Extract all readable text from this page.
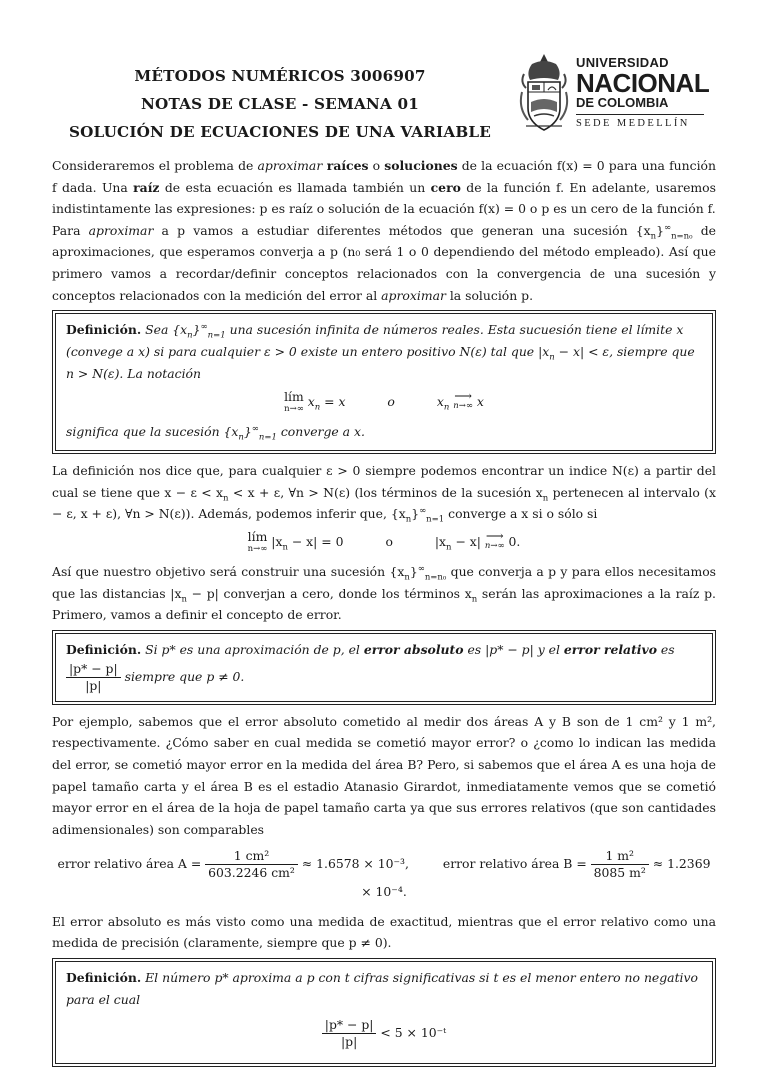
MÉTODOS NUMÉRICOS 3006907
NOTAS DE CLASE - SEMANA 01
SOLUCIÓN DE ECUACIONES DE UNA VARIABLE
UNIVERSIDAD
NACIONAL
DE COLOMBIA
SEDE MEDELLÍN

Consideraremos el problema de aproximar raíces o soluciones de la ecuación f(x) = 0 para una función f dada. Una raíz de esta ecuación es llamada también un cero de la función f. En adelante, usaremos indistintamente las expresiones: p es raíz o solución de la ecuación f(x) = 0 o p es un cero de la función f.

Para aproximar a p vamos a estudiar diferentes métodos que generan una sucesión $\{x_n\}^\infty_{n=n_0}$ de aproximaciones, que esperamos converja a p (n₀ será 1 o 0 dependiendo del método empleado). Así que primero vamos a recordar/definir conceptos relacionados con la convergencia de una sucesión y conceptos relacionados con la medición del error al aproximar la solución p.

Definición. Sea $\{x_n\}^\infty_{n=1}$ una sucesión infinita de números reales. Esta sucuesión tiene el límite x (convege a x) si para cualquier ε > 0 existe un entero positivo N(ε) tal que $|x_n - x| < \varepsilon$, siempre que n > N(ε). La notación
lím
n→∞ $x_n = x$	o	$x_n$ ⟶
n→∞ x
significa que la sucesión $\{x_n\}^\infty_{n=1}$ converge a x.

La definición nos dice que, para cualquier ε > 0 siempre podemos encontrar un indice N(ε) a partir del cual se tiene que $x - \varepsilon < x_n < x + \varepsilon$, ∀n > N(ε) (los términos de la sucesión $x_n$ pertenecen al intervalo (x − ε, x + ε), ∀n > N(ε)). Además, podemos inferir que, $\{x_n\}^\infty_{n=1}$ converge a x si o sólo si

lím
n→∞ $|x_n - x| = 0$	o	$|x_n - x|$ ⟶
n→∞ 0.

Así que nuestro objetivo será construir una sucesión $\{x_n\}^\infty_{n=n_0}$ que converja a p y para ellos necesitamos que las distancias $|x_n - p|$ converjan a cero, donde los términos $x_n$ serán las aproximaciones a la raíz p. Primero, vamos a definir el concepto de error.

Definición. Si p* es una aproximación de p, el error absoluto es |p* − p| y el error relativo es
$\frac{|p* - p|}{|p|}$ siempre que p ≠ 0.

Por ejemplo, sabemos que el error absoluto cometido al medir dos áreas A y B son de 1 cm² y 1 m², respectivamente. ¿Cómo saber en cual medida se cometió mayor error? o ¿como lo indican las medida del error, se cometió mayor error en la medida del área B? Pero, si sabemos que el área A es una hoja de papel tamaño carta y el área B es el estadio Atanasio Girardot, inmediatamente vemos que se cometió mayor error en el área de la hoja de papel tamaño carta ya que sus errores relativos (que son cantidades adimensionales) son comparables

error relativo área $A = \frac{\text{1 cm²}}{\text{603.2246 cm²}} \approx 1.6578 \times 10^{-3}$,	error relativo área $B = \frac{\text{1 m²}}{\text{8085 m²}} \approx 1.2369 \times 10^{-4}$.

El error absoluto es más visto como una medida de exactitud, mientras que el error relativo como una medida de precisión (claramente, siempre que p ≠ 0).

Definición. El número p* aproxima a p con t cifras significativas si t es el menor entero no negativo para el cual
$\frac{|p* - p|}{|p|} < 5$ × 10⁻ᵗ
